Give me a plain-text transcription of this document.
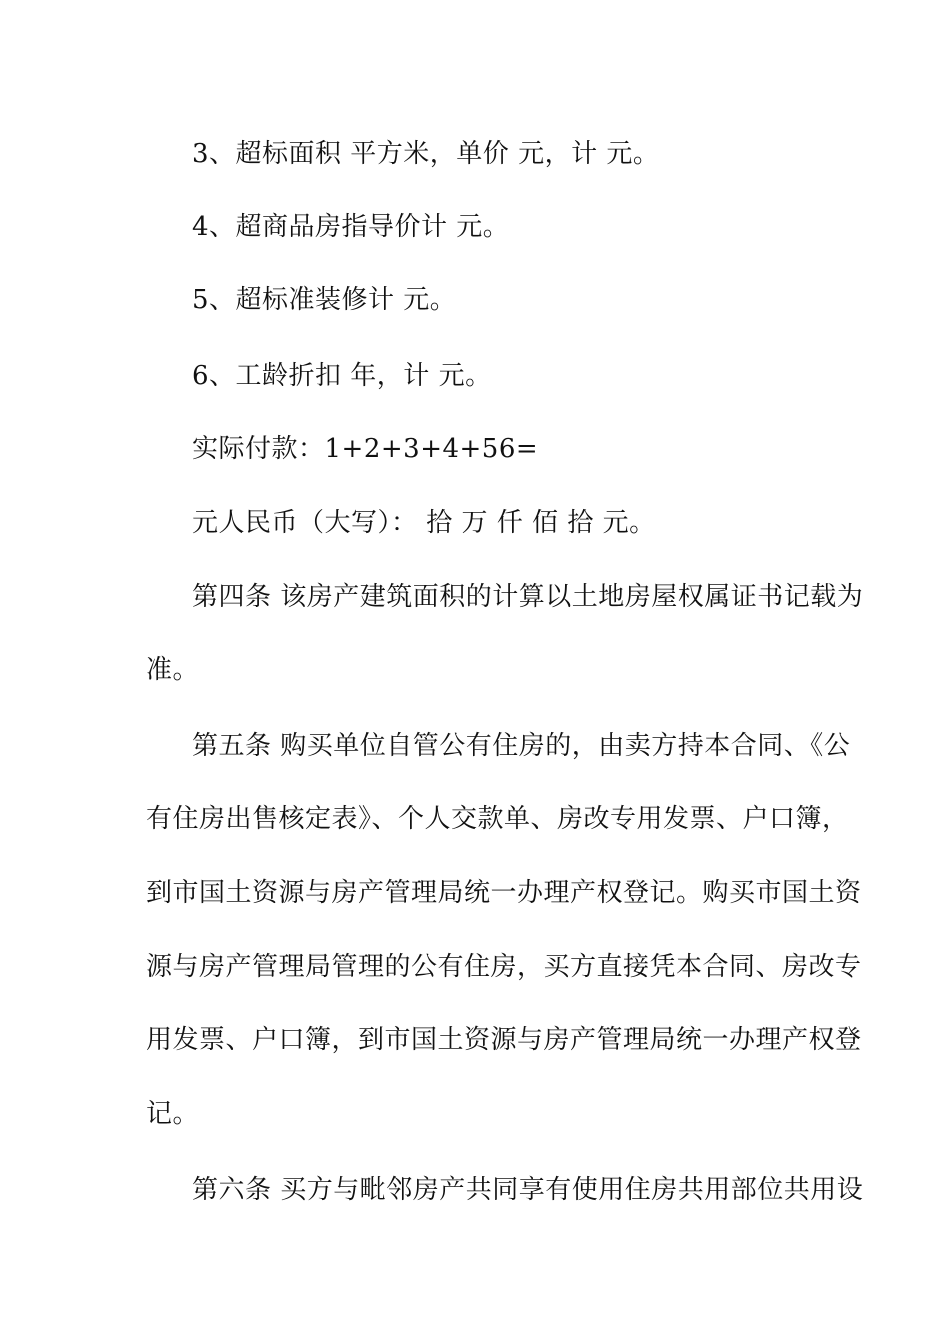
3、超标面积 平方米，单价 元，计 元。
4、超商品房指导价计 元。
5、超标准装修计 元。
6、工龄折扣 年，计 元。
实际付款：1+2+3+4+56=
元人民币（大写）： 拾 万 仟 佰 拾 元。
第四条 该房产建筑面积的计算以土地房屋权属证书记载为
准。
第五条 购买单位自管公有住房的，由卖方持本合同、《公
有住房出售核定表》、个人交款单、房改专用发票、户口簿，
到市国土资源与房产管理局统一办理产权登记。购买市国土资
源与房产管理局管理的公有住房，买方直接凭本合同、房改专
用发票、户口簿，到市国土资源与房产管理局统一办理产权登
记。
第六条 买方与毗邻房产共同享有使用住房共用部位共用设
